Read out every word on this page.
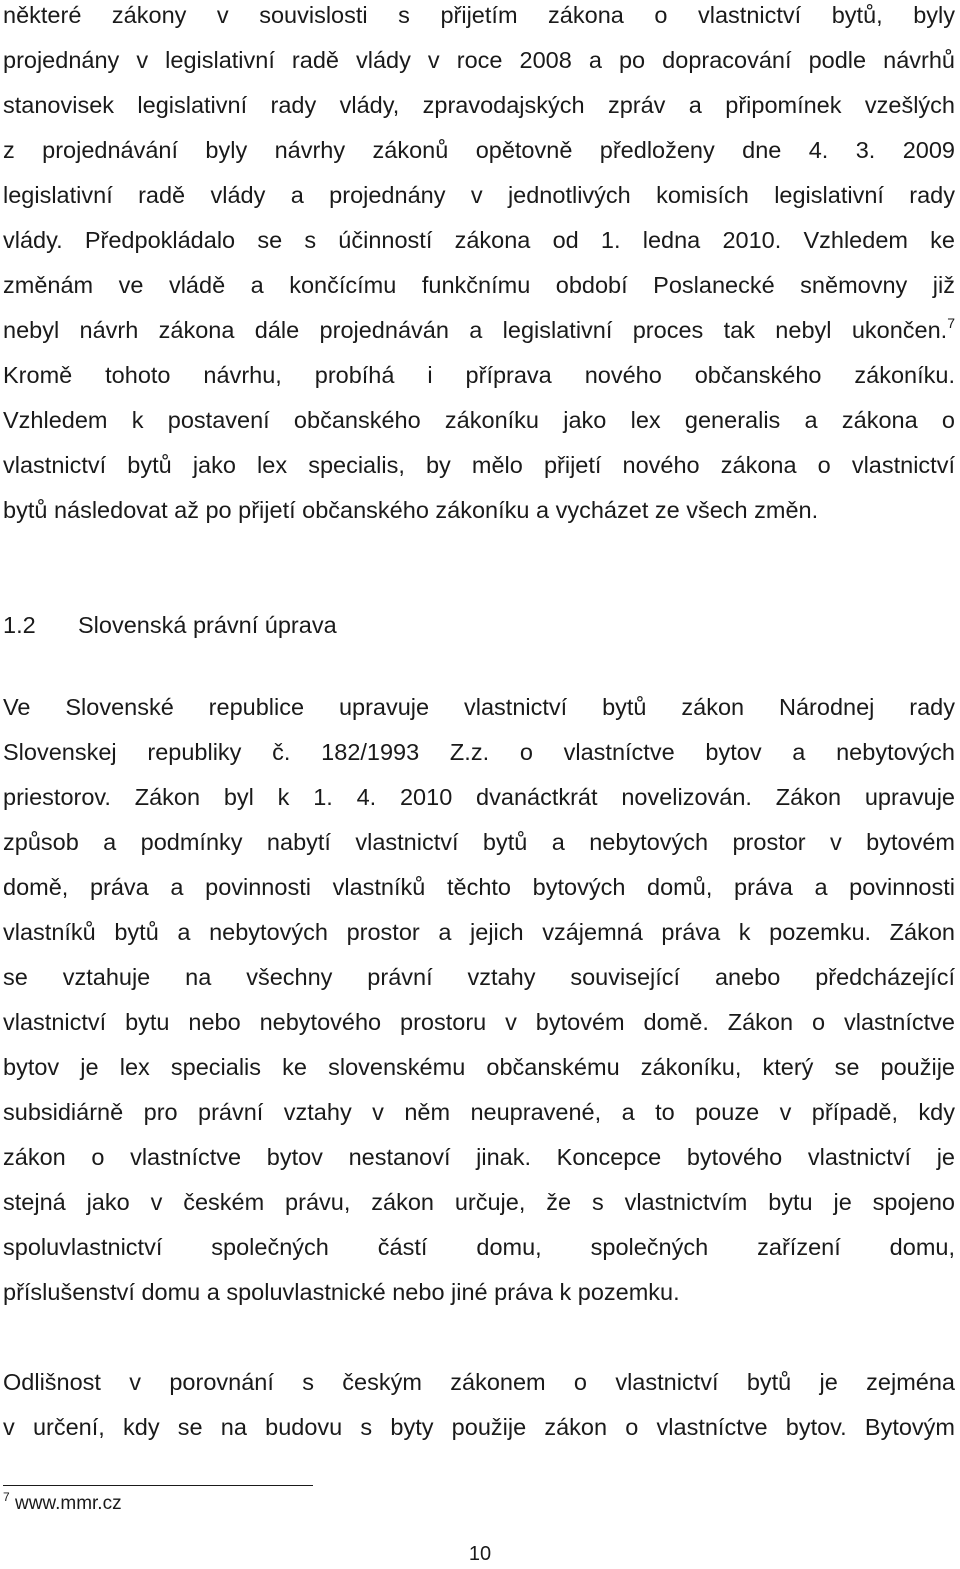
některé zákony v souvislosti s přijetím zákona o vlastnictví bytů, byly
projednány v legislativní radě vlády v roce 2008 a po dopracování podle návrhů
stanovisek legislativní rady vlády, zpravodajských zpráv a připomínek vzešlých
z projednávání byly návrhy zákonů opětovně předloženy dne 4. 3. 2009
legislativní radě vlády a projednány v jednotlivých komisích legislativní rady
vlády. Předpokládalo se s účinností zákona od 1. ledna 2010. Vzhledem ke
změnám ve vládě a končícímu funkčnímu období Poslanecké sněmovny již
nebyl návrh zákona dále projednáván a legislativní proces tak nebyl ukončen.$^7$
Kromě tohoto návrhu, probíhá i příprava nového občanského zákoníku.
Vzhledem k postavení občanského zákoníku jako lex generalis a zákona o
vlastnictví bytů jako lex specialis, by mělo přijetí nového zákona o vlastnictví
bytů následovat až po přijetí občanského zákoníku a vycházet ze všech změn.
1.2 Slovenská právní úprava
Ve Slovenské republice upravuje vlastnictví bytů zákon Národnej rady
Slovenskej republiky č. 182/1993 Z.z. o vlastníctve bytov a nebytových
priestorov. Zákon byl k 1. 4. 2010 dvanáctkrát novelizován. Zákon upravuje
způsob a podmínky nabytí vlastnictví bytů a nebytových prostor v bytovém
domě, práva a povinnosti vlastníků těchto bytových domů, práva a povinnosti
vlastníků bytů a nebytových prostor a jejich vzájemná práva k pozemku. Zákon
se vztahuje na všechny právní vztahy související anebo předcházející
vlastnictví bytu nebo nebytového prostoru v bytovém domě. Zákon o vlastníctve
bytov je lex specialis ke slovenskému občanskému zákoníku, který se použije
subsidiárně pro právní vztahy v něm neupravené, a to pouze v případě, kdy
zákon o vlastníctve bytov nestanoví jinak. Koncepce bytového vlastnictví je
stejná jako v českém právu, zákon určuje, že s vlastnictvím bytu je spojeno
spoluvlastnictví společných částí domu, společných zařízení domu,
příslušenství domu a spoluvlastnické nebo jiné práva k pozemku.
Odlišnost v porovnání s českým zákonem o vlastnictví bytů je zejména
v určení, kdy se na budovu s byty použije zákon o vlastníctve bytov. Bytovým
$^7$ www.mmr.cz
10
